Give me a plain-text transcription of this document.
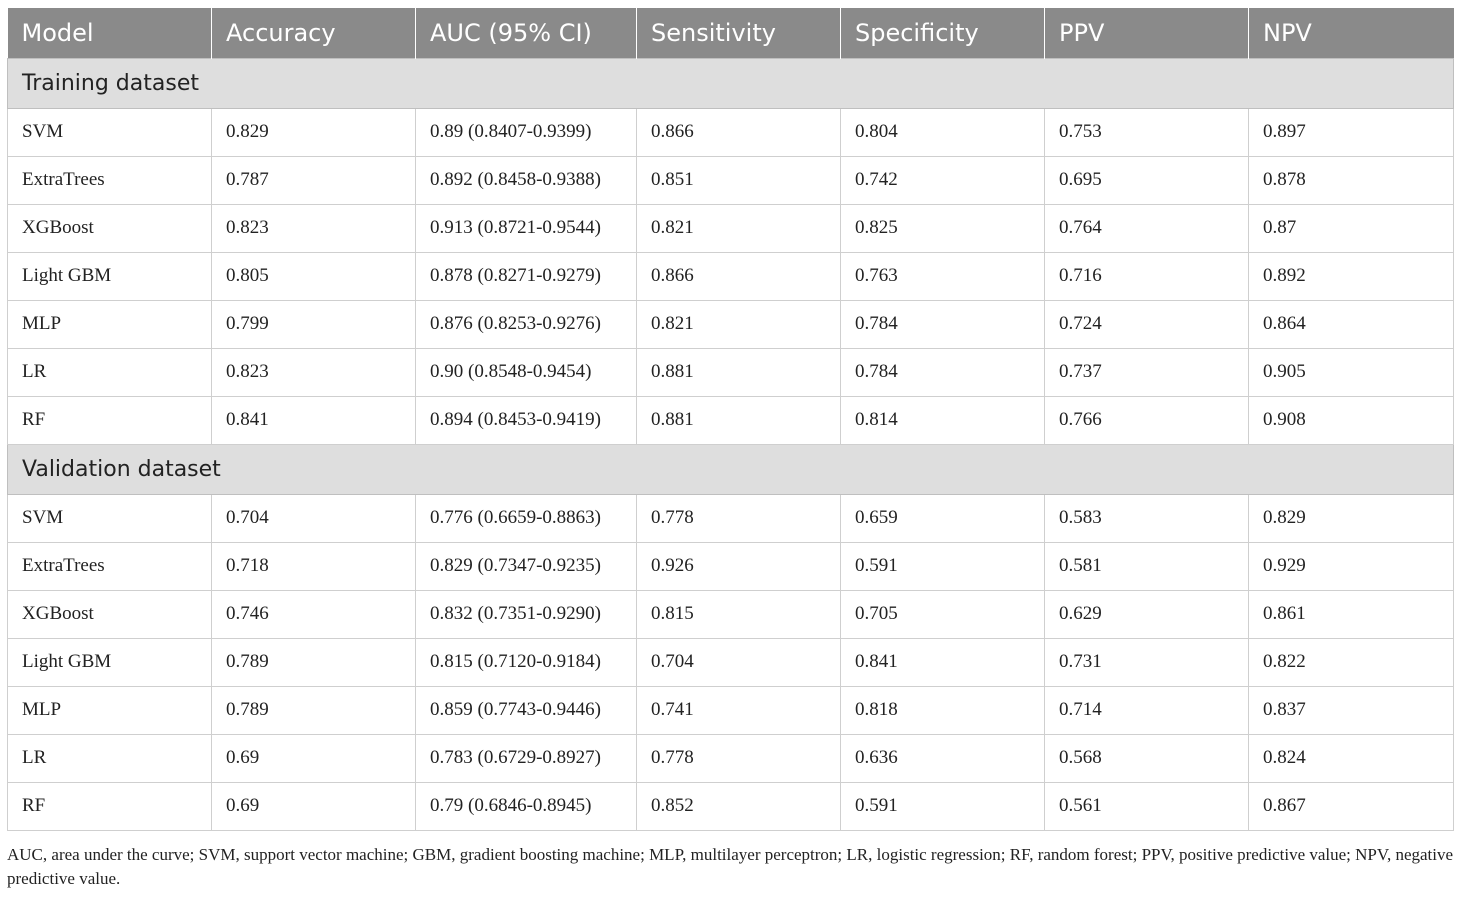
Model	Accuracy	AUC (95% CI)	Sensitivity	Specificity	PPV	NPV
Training dataset						
SVM	0.829	0.89 (0.8407-0.9399)	0.866	0.804	0.753	0.897
ExtraTrees	0.787	0.892 (0.8458-0.9388)	0.851	0.742	0.695	0.878
XGBoost	0.823	0.913 (0.8721-0.9544)	0.821	0.825	0.764	0.87
Light GBM	0.805	0.878 (0.8271-0.9279)	0.866	0.763	0.716	0.892
MLP	0.799	0.876 (0.8253-0.9276)	0.821	0.784	0.724	0.864
LR	0.823	0.90 (0.8548-0.9454)	0.881	0.784	0.737	0.905
RF	0.841	0.894 (0.8453-0.9419)	0.881	0.814	0.766	0.908
Validation dataset						
SVM	0.704	0.776 (0.6659-0.8863)	0.778	0.659	0.583	0.829
ExtraTrees	0.718	0.829 (0.7347-0.9235)	0.926	0.591	0.581	0.929
XGBoost	0.746	0.832 (0.7351-0.9290)	0.815	0.705	0.629	0.861
Light GBM	0.789	0.815 (0.7120-0.9184)	0.704	0.841	0.731	0.822
MLP	0.789	0.859 (0.7743-0.9446)	0.741	0.818	0.714	0.837
LR	0.69	0.783 (0.6729-0.8927)	0.778	0.636	0.568	0.824
RF	0.69	0.79 (0.6846-0.8945)	0.852	0.591	0.561	0.867
AUC, area under the curve; SVM, support vector machine; GBM, gradient boosting machine; MLP, multilayer perceptron; LR, logistic regression; RF, random forest; PPV, positive predictive value; NPV, negative predictive value.
